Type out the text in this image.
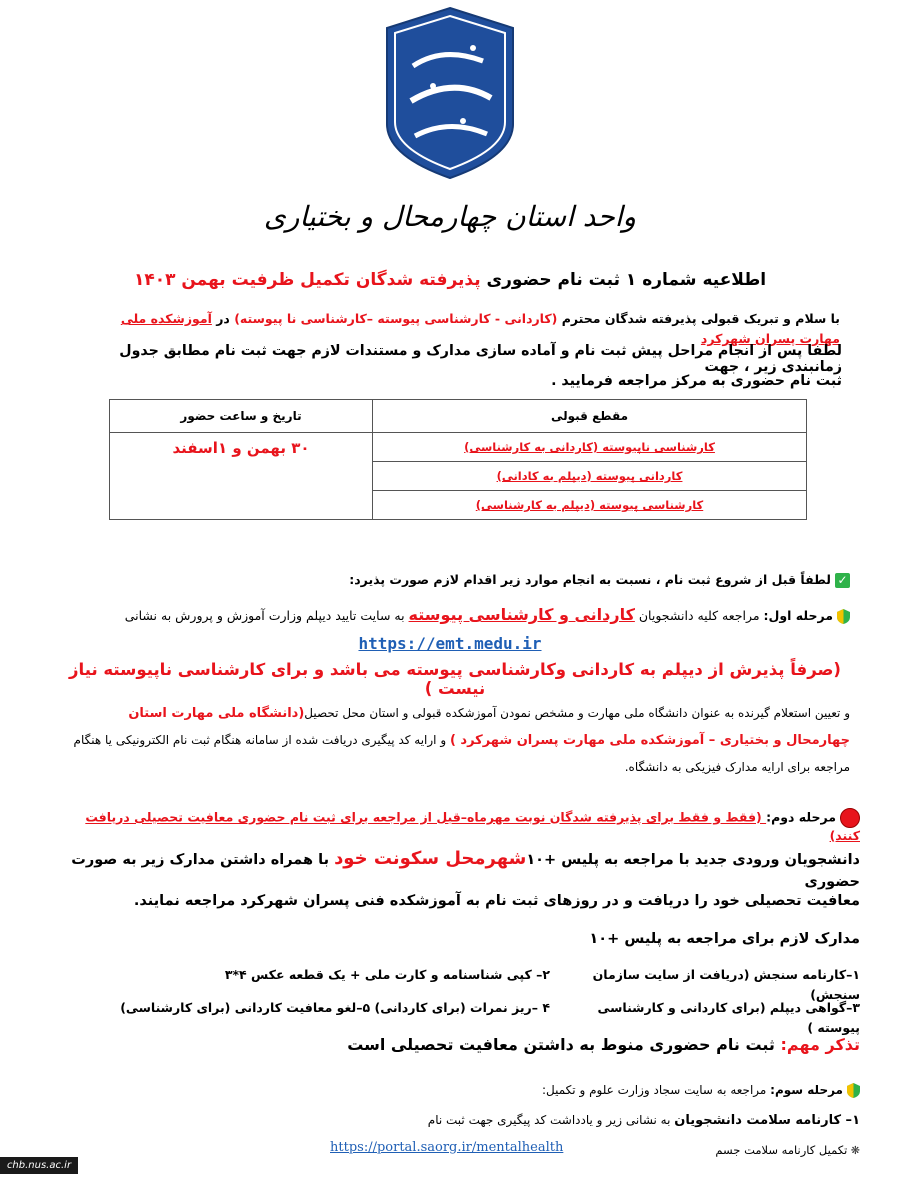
واحد استان چهارمحال و بختیاری
اطلاعیه شماره ۱ ثبت نام حضوری پذیرفته شدگان تکمیل ظرفیت بهمن ۱۴۰۳
با سلام و تبریک قبولی پذیرفته شدگان محترم (کاردانی - کارشناسی پیوسته –کارشناسی نا پیوسته) در آموزشکده ملی مهارت پسران شهرکرد
لطفا پس از انجام مراحل پیش ثبت نام و آماده سازی مدارک و مستندات لازم جهت ثبت نام مطابق جدول زمانبندی زیر ، جهت
ثبت نام حضوری به مرکز مراجعه فرمایید .
مقطع قبولی	تاریخ و ساعت حضور
کارشناسی ناپیوسته (کاردانی به کارشناسی)	۳۰ بهمن و ۱اسفند
کاردانی پیوسته (دیپلم به کادانی)	
کارشناسی پیوسته (دیپلم به کارشناسی)	
✓لطفاً قبل از شروع ثبت نام ، نسبت به انجام موارد زیر اقدام لازم صورت پذیرد:
مرحله اول: مراجعه کلیه دانشجویان کاردانی و کارشناسی پیوسته به سایت تایید دیپلم وزارت آموزش و پرورش به نشانی
https://emt.medu.ir
(صرفاً پذیرش از دیپلم به کاردانی وکارشناسی پیوسته می باشد و برای کارشناسی ناپیوسته نیاز نیست )
و تعیین استعلام گیرنده به عنوان دانشگاه ملی مهارت و مشخص نمودن آموزشکده قبولی و استان محل تحصیل(دانشگاه ملی مهارت استان
چهارمحال و بختیاری – آموزشکده ملی مهارت پسران شهرکرد ) و ارایه کد پیگیری دریافت شده از سامانه هنگام ثبت نام الکترونیکی یا هنگام
مراجعه برای ارایه مدارک فیزیکی به دانشگاه.
مرحله دوم: (فقط و فقط برای پذیرفته شدگان نوبت مهرماه–قبل از مراجعه برای ثبت نام حضوری معافیت تحصیلی دریافت کنند)
دانشجویان ورودی جدید با مراجعه به پلیس +۱۰شهرمحل سکونت خود با همراه داشتن مدارک زیر به صورت حضوری
معافیت تحصیلی خود را دریافت و در روزهای ثبت نام به آموزشکده فنی پسران شهرکرد مراجعه نمایند.
مدارک لازم برای مراجعه به پلیس +۱۰
۱–کارنامه سنجش (دریافت از سایت سازمان سنجش)
۲– کپی شناسنامه و کارت ملی + یک قطعه عکس ۴*۳
۳–گواهی دیپلم (برای کاردانی و کارشناسی پیوسته )
۴ –ریز نمرات (برای کاردانی) ۵–لغو معافیت کاردانی (برای کارشناسی)
تذکر مهم: ثبت نام حضوری منوط به داشتن معافیت تحصیلی است
مرحله سوم: مراجعه به سایت سجاد وزارت علوم و تکمیل:
۱– کارنامه سلامت دانشجویان به نشانی زیر و یادداشت کد پیگیری جهت ثبت نام
https://portal.saorg.ir/mentalhealth	❋ تکمیل کارنامه سلامت جسم
chb.nus.ac.ir
